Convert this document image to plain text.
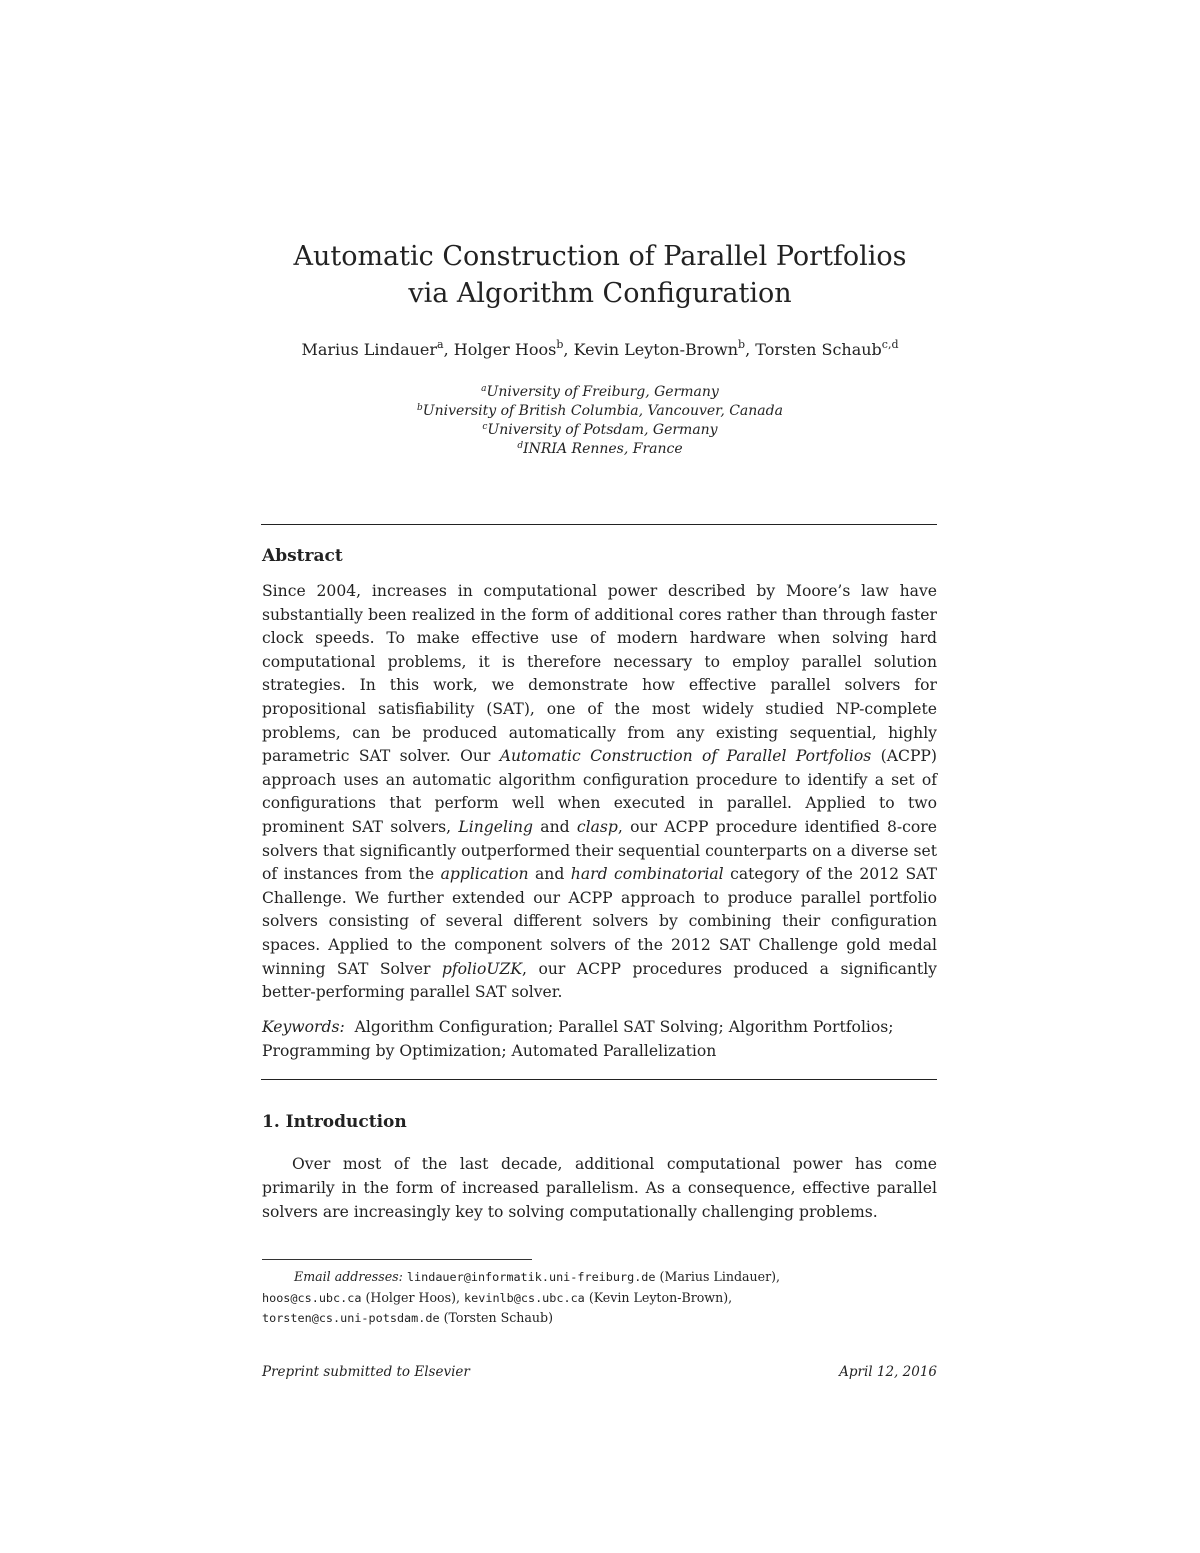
Automatic Construction of Parallel Portfolios
via Algorithm Configuration
Marius Lindauer$^a$, Holger Hoos$^b$, Kevin Leyton-Brown$^b$, Torsten Schaub$^{c,d}$
$^a$University of Freiburg, Germany
$^b$University of British Columbia, Vancouver, Canada
$^c$University of Potsdam, Germany
$^d$INRIA Rennes, France
Abstract
Since 2004, increases in computational power described by Moore’s law have substantially been realized in the form of additional cores rather than through faster clock speeds. To make effective use of modern hardware when solving hard computational problems, it is therefore necessary to employ parallel solution strategies. In this work, we demonstrate how effective parallel solvers for propositional satisfiability (SAT), one of the most widely studied NP-complete problems, can be produced automatically from any existing sequential, highly parametric SAT solver. Our Automatic Construction of Parallel Portfolios (ACPP) approach uses an automatic algorithm configuration procedure to identify a set of configurations that perform well when executed in parallel. Applied to two prominent SAT solvers, Lingeling and clasp, our ACPP procedure identified 8-core solvers that significantly outperformed their sequential counterparts on a diverse set of instances from the application and hard combinatorial category of the 2012 SAT Challenge. We further extended our ACPP approach to produce parallel portfolio solvers consisting of several different solvers by combining their configuration spaces. Applied to the component solvers of the 2012 SAT Challenge gold medal winning SAT Solver pfolioUZK, our ACPP procedures produced a significantly better-performing parallel SAT solver.
Keywords: Algorithm Configuration; Parallel SAT Solving; Algorithm Portfolios; Programming by Optimization; Automated Parallelization
1. Introduction
Over most of the last decade, additional computational power has come primarily in the form of increased parallelism. As a consequence, effective parallel solvers are increasingly key to solving computationally challenging problems.
Email addresses: lindauer@informatik.uni-freiburg.de (Marius Lindauer),
hoos@cs.ubc.ca (Holger Hoos), kevinlb@cs.ubc.ca (Kevin Leyton-Brown),
torsten@cs.uni-potsdam.de (Torsten Schaub)
Preprint submitted to Elsevier	April 12, 2016
